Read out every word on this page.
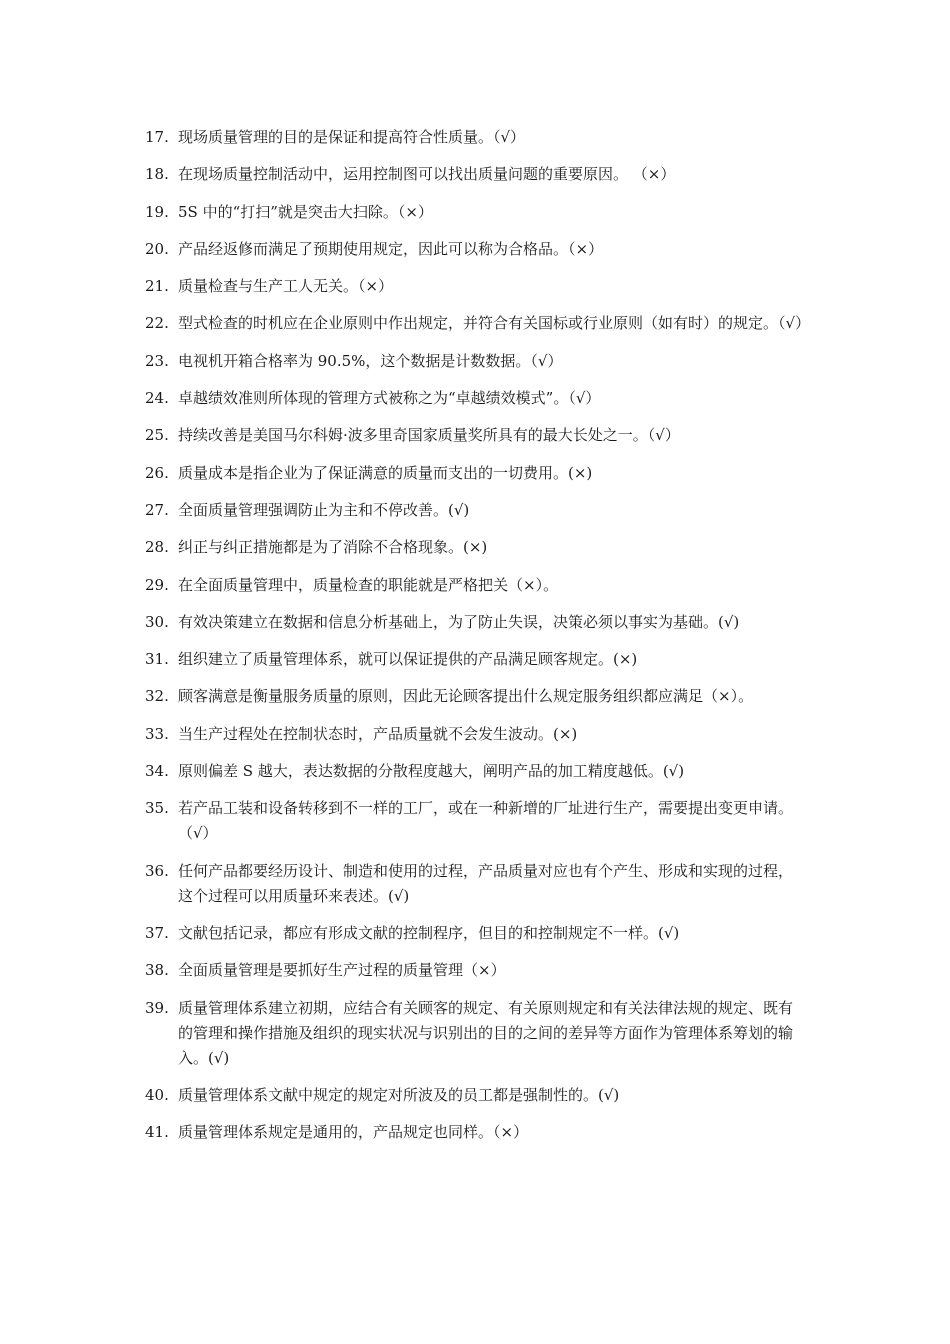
17. 现场质量管理的目的是保证和提高符合性质量。（√）
18. 在现场质量控制活动中，运用控制图可以找出质量问题的重要原因。 （×）
19. 5S 中的“打扫”就是突击大扫除。（×）
20. 产品经返修而满足了预期使用规定，因此可以称为合格品。（×）
21. 质量检查与生产工人无关。（×）
22. 型式检查的时机应在企业原则中作出规定，并符合有关国标或行业原则（如有时）的规定。（√）
23. 电视机开箱合格率为 90.5%，这个数据是计数数据。（√）
24. 卓越绩效准则所体现的管理方式被称之为“卓越绩效模式”。（√）
25. 持续改善是美国马尔科姆·波多里奇国家质量奖所具有的最大长处之一。（√）
26. 质量成本是指企业为了保证满意的质量而支出的一切费用。(×)
27. 全面质量管理强调防止为主和不停改善。(√)
28. 纠正与纠正措施都是为了消除不合格现象。(×)
29. 在全面质量管理中，质量检查的职能就是严格把关（×）。
30. 有效决策建立在数据和信息分析基础上，为了防止失误，决策必须以事实为基础。(√)
31. 组织建立了质量管理体系，就可以保证提供的产品满足顾客规定。(×)
32. 顾客满意是衡量服务质量的原则，因此无论顾客提出什么规定服务组织都应满足（×）。
33. 当生产过程处在控制状态时，产品质量就不会发生波动。(×)
34. 原则偏差 S 越大，表达数据的分散程度越大，阐明产品的加工精度越低。(√)
35. 若产品工装和设备转移到不一样的工厂，或在一种新增的厂址进行生产，需要提出变更申请。（√）
36. 任何产品都要经历设计、制造和使用的过程，产品质量对应也有个产生、形成和实现的过程，这个过程可以用质量环来表述。(√)
37. 文献包括记录，都应有形成文献的控制程序，但目的和控制规定不一样。(√)
38. 全面质量管理是要抓好生产过程的质量管理（×）
39. 质量管理体系建立初期，应结合有关顾客的规定、有关原则规定和有关法律法规的规定、既有的管理和操作措施及组织的现实状况与识别出的目的之间的差异等方面作为管理体系筹划的输入。(√)
40. 质量管理体系文献中规定的规定对所波及的员工都是强制性的。(√)
41. 质量管理体系规定是通用的，产品规定也同样。（×）
